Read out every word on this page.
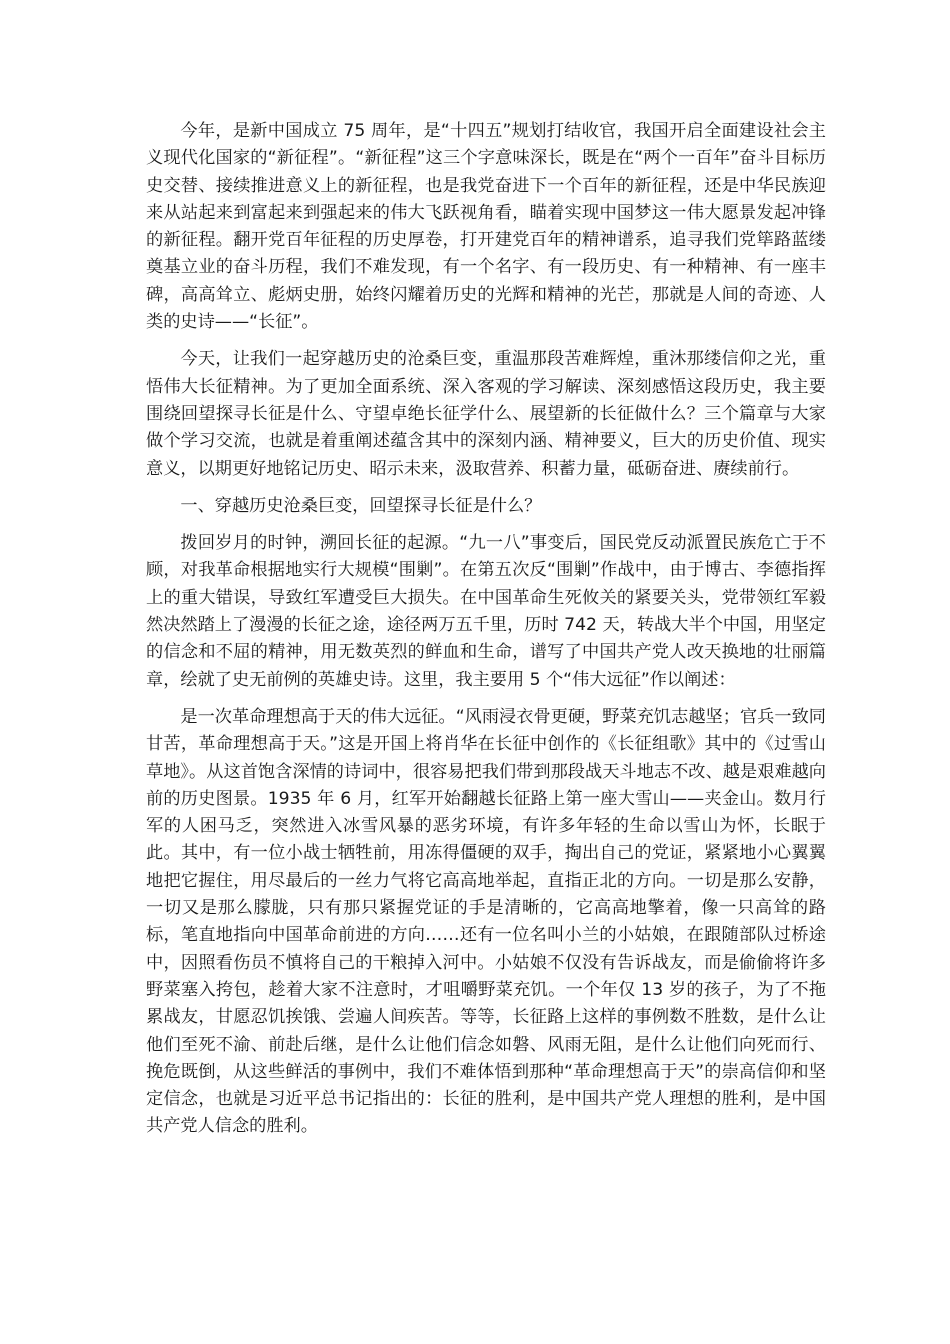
今年，是新中国成立 75 周年，是“十四五”规划打结收官，我国开启全面建设社会主义现代化国家的“新征程”。“新征程”这三个字意味深长，既是在“两个一百年”奋斗目标历史交替、接续推进意义上的新征程，也是我党奋进下一个百年的新征程，还是中华民族迎来从站起来到富起来到强起来的伟大飞跃视角看，瞄着实现中国梦这一伟大愿景发起冲锋的新征程。翻开党百年征程的历史厚卷，打开建党百年的精神谱系，追寻我们党筚路蓝缕奠基立业的奋斗历程，我们不难发现，有一个名字、有一段历史、有一种精神、有一座丰碑，高高耸立、彪炳史册，始终闪耀着历史的光辉和精神的光芒，那就是人间的奇迹、人类的史诗——“长征”。

今天，让我们一起穿越历史的沧桑巨变，重温那段苦难辉煌，重沐那缕信仰之光，重悟伟大长征精神。为了更加全面系统、深入客观的学习解读、深刻感悟这段历史，我主要围绕回望探寻长征是什么、守望卓绝长征学什么、展望新的长征做什么？三个篇章与大家做个学习交流，也就是着重阐述蕴含其中的深刻内涵、精神要义，巨大的历史价值、现实意义，以期更好地铭记历史、昭示未来，汲取营养、积蓄力量，砥砺奋进、赓续前行。

一、穿越历史沧桑巨变，回望探寻长征是什么？

拨回岁月的时钟，溯回长征的起源。“九一八”事变后，国民党反动派置民族危亡于不顾，对我革命根据地实行大规模“围剿”。在第五次反“围剿”作战中，由于博古、李德指挥上的重大错误，导致红军遭受巨大损失。在中国革命生死攸关的紧要关头，党带领红军毅然决然踏上了漫漫的长征之途，途径两万五千里，历时 742 天，转战大半个中国，用坚定的信念和不屈的精神，用无数英烈的鲜血和生命，谱写了中国共产党人改天换地的壮丽篇章，绘就了史无前例的英雄史诗。这里，我主要用 5 个“伟大远征”作以阐述：

是一次革命理想高于天的伟大远征。“风雨浸衣骨更硬，野菜充饥志越坚；官兵一致同甘苦，革命理想高于天。”这是开国上将肖华在长征中创作的《长征组歌》其中的《过雪山草地》。从这首饱含深情的诗词中，很容易把我们带到那段战天斗地志不改、越是艰难越向前的历史图景。1935 年 6 月，红军开始翻越长征路上第一座大雪山——夹金山。数月行军的人困马乏，突然进入冰雪风暴的恶劣环境，有许多年轻的生命以雪山为怀，长眠于此。其中，有一位小战士牺牲前，用冻得僵硬的双手，掏出自己的党证，紧紧地小心翼翼地把它握住，用尽最后的一丝力气将它高高地举起，直指正北的方向。一切是那么安静，一切又是那么朦胧，只有那只紧握党证的手是清晰的，它高高地擎着，像一只高耸的路标，笔直地指向中国革命前进的方向……还有一位名叫小兰的小姑娘，在跟随部队过桥途中，因照看伤员不慎将自己的干粮掉入河中。小姑娘不仅没有告诉战友，而是偷偷将许多野菜塞入挎包，趁着大家不注意时，才咀嚼野菜充饥。一个年仅 13 岁的孩子，为了不拖累战友，甘愿忍饥挨饿、尝遍人间疾苦。等等，长征路上这样的事例数不胜数，是什么让他们至死不渝、前赴后继，是什么让他们信念如磐、风雨无阻，是什么让他们向死而行、挽危既倒，从这些鲜活的事例中，我们不难体悟到那种“革命理想高于天”的崇高信仰和坚定信念，也就是习近平总书记指出的：长征的胜利，是中国共产党人理想的胜利，是中国共产党人信念的胜利。
